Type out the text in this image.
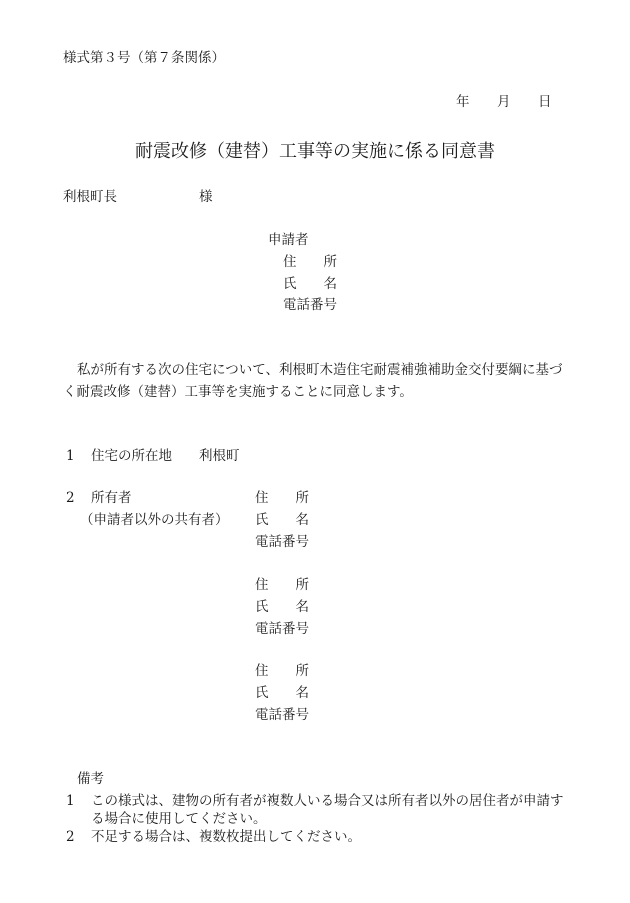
様式第３号（第７条関係）
年 月 日
耐震改修（建替）工事等の実施に係る同意書
利根町長	様
申請者
住　　所
氏　　名
電話番号
私が所有する次の住宅について、利根町木造住宅耐震補強補助金交付要綱に基づ
く耐震改修（建替）工事等を実施することに同意します。
1 住宅の所在地 利根町
2 所有者
（申請者以外の共有者）
住　　所
氏　　名
電話番号
住　　所
氏　　名
電話番号
住　　所
氏　　名
電話番号
備考
1 この様式は、建物の所有者が複数人いる場合又は所有者以外の居住者が申請す
る場合に使用してください。
2 不足する場合は、複数枚提出してください。
